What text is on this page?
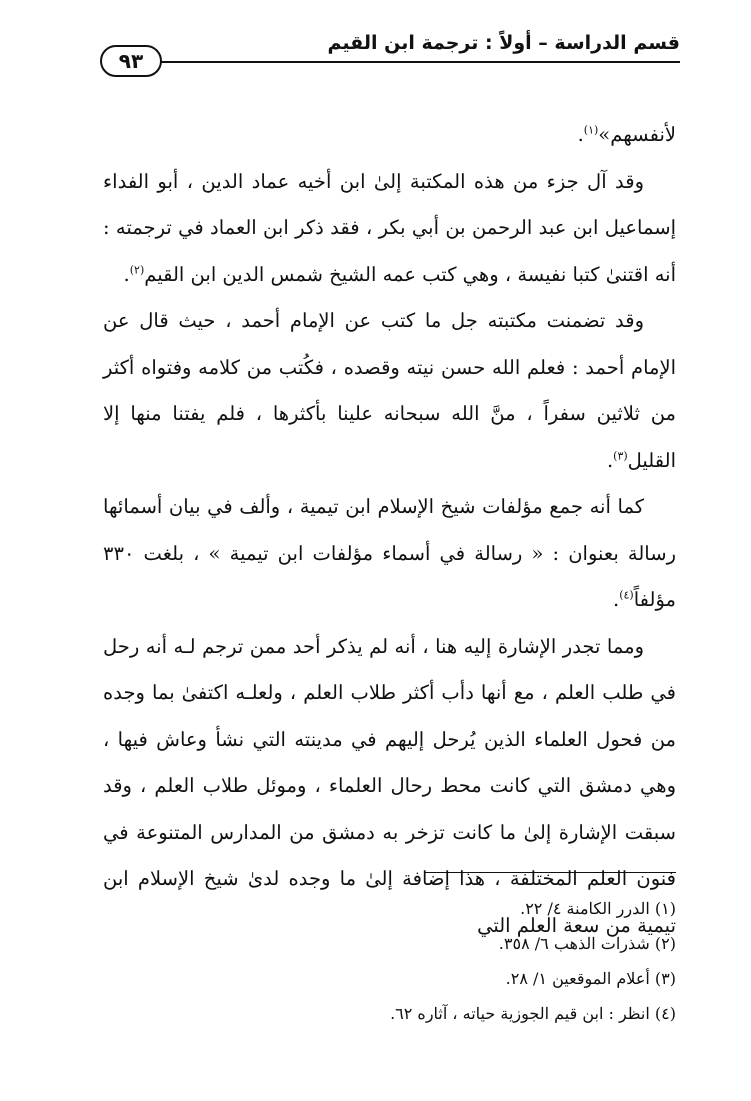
قسم الدراسة – أولاً : ترجمة ابن القيم
٩٣

لأنفسهم»$^{(١)}$.

وقد آل جزء من هذه المكتبة إلىٰ ابن أخيه عماد الدين ، أبو الفداء إسماعيل ابن عبد الرحمن بن أبي بكر ، فقد ذكر ابن العماد في ترجمته : أنه اقتنىٰ كتبا نفيسة ، وهي كتب عمه الشيخ شمس الدين ابن القيم$^{(٢)}$.

وقد تضمنت مكتبته جل ما كتب عن الإمام أحمد ، حيث قال عن الإمام أحمد : فعلم الله حسن نيته وقصده ، فكُتب من كلامه وفتواه أكثر من ثلاثين سفراً ، منَّ الله سبحانه علينا بأكثرها ، فلم يفتنا منها إلا القليل$^{(٣)}$.

كما أنه جمع مؤلفات شيخ الإسلام ابن تيمية ، وألف في بيان أسمائها رسالة بعنوان : « رسالة في أسماء مؤلفات ابن تيمية » ، بلغت ٣٣٠ مؤلفاً$^{(٤)}$.

ومما تجدر الإشارة إليه هنا ، أنه لم يذكر أحد ممن ترجم لـه أنه رحل في طلب العلم ، مع أنها دأب أكثر طلاب العلم ، ولعلـه اكتفىٰ بما وجده من فحول العلماء الذين يُرحل إليهم في مدينته التي نشأ وعاش فيها ، وهي دمشق التي كانت محط رحال العلماء ، وموئل طلاب العلم ، وقد سبقت الإشارة إلىٰ ما كانت تزخر به دمشق من المدارس المتنوعة في فنون العلم المختلفة ، هذا إضافة إلىٰ ما وجده لدىٰ شيخ الإسلام ابن تيمية من سعة العلم التي

(١) الدرر الكامنة ٤/ ٢٢.
(٢) شذرات الذهب ٦/ ٣٥٨.
(٣) أعلام الموقعين ١/ ٢٨.
(٤) انظر : ابن قيم الجوزية حياته ، آثاره ٦٢.
